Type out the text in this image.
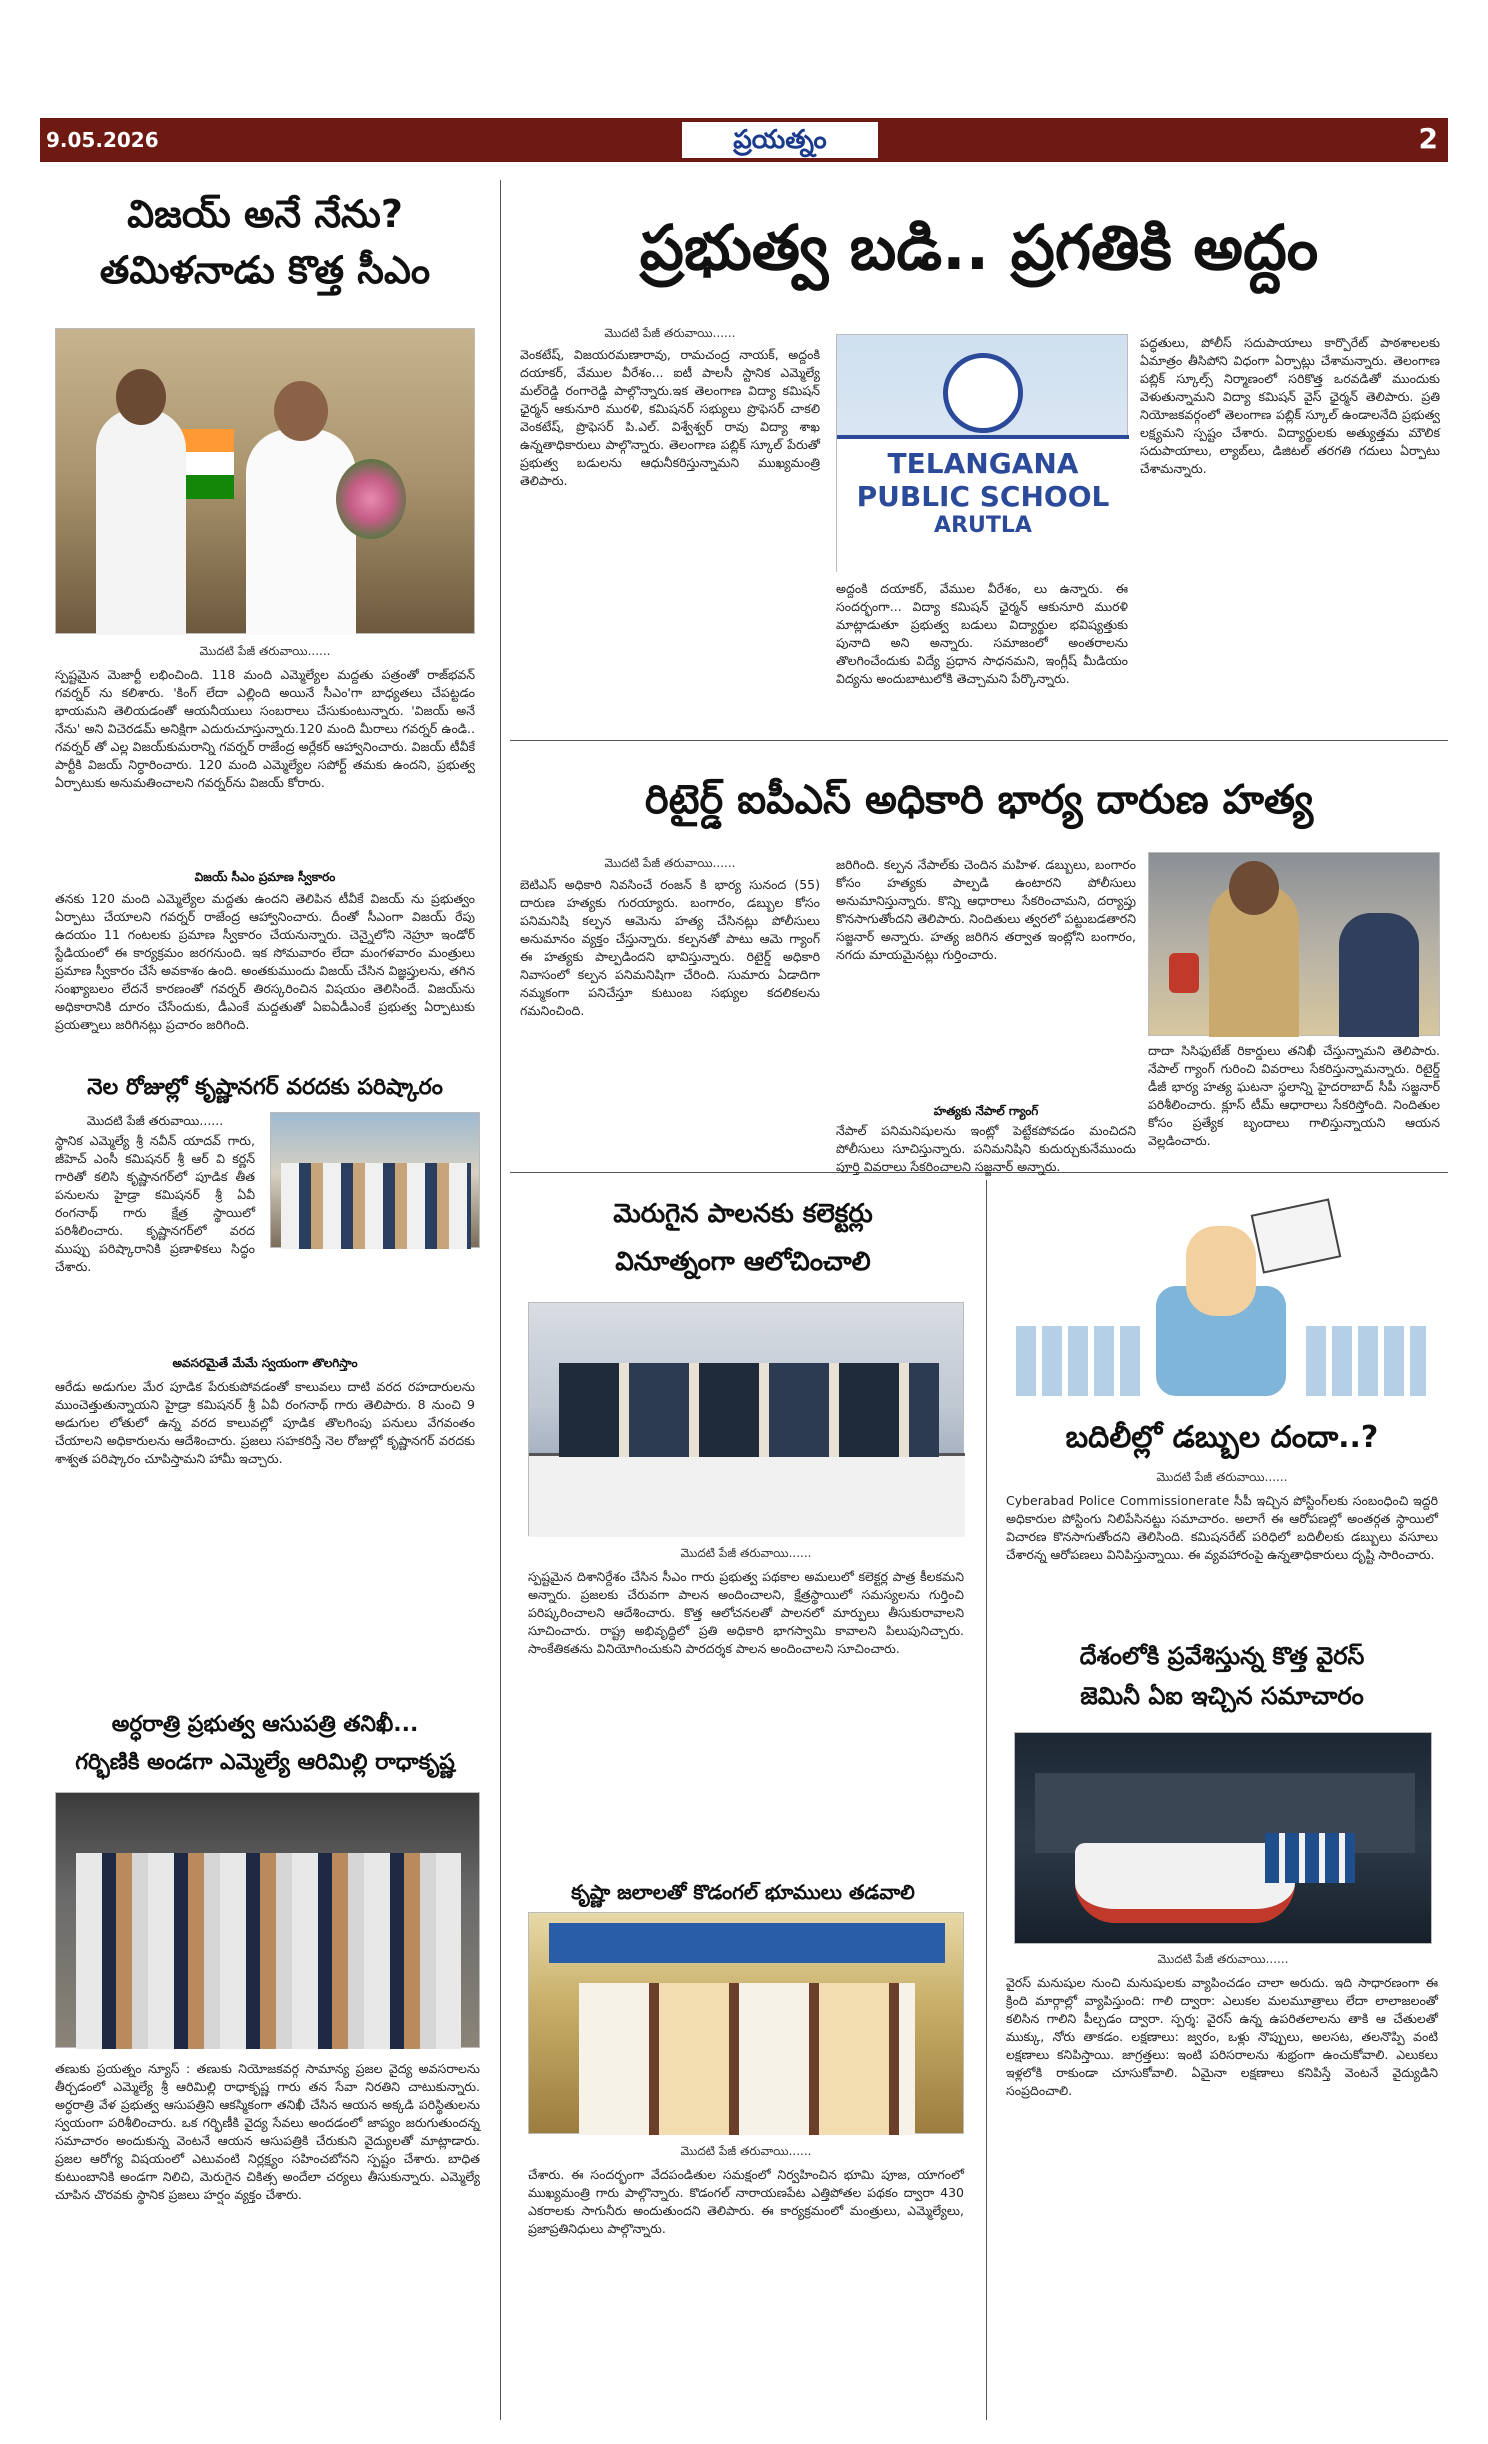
9.05.2026	ప్రయత్నం	2
విజయ్ అనే నేను?
తమిళనాడు కొత్త సీఎం
మొదటి పేజీ తరువాయి......
స్పష్టమైన మెజార్టీ లభించింది. 118 మంది ఎమ్మెల్యేల మద్దతు పత్రంతో రాజ్‌భవన్ గవర్నర్ ను కలిశారు. 'కింగ్ లేదా ఎల్లింది అయినే సీఎం'గా బాధ్యతలు చేపట్టడం భాయమని తెలియడంతో ఆయనీయులు సంబరాలు చేసుకుంటున్నారు. 'విజయ్ అనే నేను' అని విచెరడమ్ అనిక్షిగా ఎదురుచూస్తున్నారు.120 మంది మీరాలు గవర్నర్ ఉండి.. గవర్నర్ తో ఎల్ల విజయ్‌కుమరాన్ని గవర్నర్ రాజేంద్ర అర్లేకర్ ఆహ్వానించారు. విజయ్ టీవీకే పార్టీకి విజయ్ నిర్ధారించారు. 120 మంది ఎమ్మెల్యేల సపోర్ట్ తమకు ఉందని, ప్రభుత్వ ఏర్పాటుకు అనుమతించాలని గవర్నర్‌ను విజయ్ కోరారు.
విజయ్ సీఎం ప్రమాణ స్వీకారం
తనకు 120 మంది ఎమ్మెల్యేల మద్దతు ఉందని తెలిపిన టీవీకే విజయ్ ను ప్రభుత్వం ఏర్పాటు చేయాలని గవర్నర్ రాజేంద్ర ఆహ్వానించారు. దీంతో సీఎంగా విజయ్ రేపు ఉదయం 11 గంటలకు ప్రమాణ స్వీకారం చేయనున్నారు. చెన్నైలోని నెహ్రూ ఇండోర్ స్టేడియంలో ఈ కార్యక్రమం జరగనుంది. ఇక సోమవారం లేదా మంగళవారం మంత్రులు ప్రమాణ స్వీకారం చేసే అవకాశం ఉంది. అంతకుముందు విజయ్ చేసిన విజ్ఞప్తులను, తగిన సంఖ్యాబలం లేదనే కారణంతో గవర్నర్ తిరస్కరించిన విషయం తెలిసిందే. విజయ్‌ను అధికారానికి దూరం చేసేందుకు, డీఎంకే మద్దతుతో ఏఐఏడీఎంకే ప్రభుత్వ ఏర్పాటుకు ప్రయత్నాలు జరిగినట్లు ప్రచారం జరిగింది.
నెల రోజుల్లో కృష్ణానగర్ వరదకు పరిష్కారం
మొదటి పేజీ తరువాయి......
స్థానిక ఎమ్మెల్యే శ్రీ నవీన్ యాదవ్ గారు, జీహెచ్ ఎంసీ కమిషనర్ శ్రీ ఆర్ వి కర్ణన్ గారితో కలిసి కృష్ణానగర్‌లో పూడిక తీత పనులను హైడ్రా కమిషనర్ శ్రీ ఏవీ రంగనాథ్ గారు క్షేత్ర స్థాయిలో పరిశీలించారు. కృష్ణానగర్‌లో వరద ముప్పు పరిష్కారానికి ప్రణాళికలు సిద్ధం చేశారు.
అవసరమైతే మేమే స్వయంగా తొలగిస్తాం
ఆరేడు అడుగుల మేర పూడిక పేరుకుపోవడంతో కాలువలు దాటి వరద రహదారులను ముంచెత్తుతున్నాయని హైడ్రా కమిషనర్ శ్రీ ఏవీ రంగనాథ్ గారు తెలిపారు. 8 నుంచి 9 అడుగుల లోతులో ఉన్న వరద కాలువల్లో పూడిక తొలగింపు పనులు వేగవంతం చేయాలని అధికారులను ఆదేశించారు. ప్రజలు సహకరిస్తే నెల రోజుల్లో కృష్ణానగర్ వరదకు శాశ్వత పరిష్కారం చూపిస్తామని హామీ ఇచ్చారు.
అర్ధరాత్రి ప్రభుత్వ ఆసుపత్రి తనిఖీ...
గర్భిణికి అండగా ఎమ్మెల్యే ఆరిమిల్లి రాధాకృష్ణ
తణుకు ప్రయత్నం న్యూస్ : తణుకు నియోజకవర్గ సామాన్య ప్రజల వైద్య అవసరాలను తీర్చడంలో ఎమ్మెల్యే శ్రీ ఆరిమిల్లి రాధాకృష్ణ గారు తన సేవా నిరతిని చాటుకున్నారు. అర్ధరాత్రి వేళ ప్రభుత్వ ఆసుపత్రిని ఆకస్మికంగా తనిఖీ చేసిన ఆయన అక్కడి పరిస్థితులను స్వయంగా పరిశీలించారు. ఒక గర్భిణీకి వైద్య సేవలు అందడంలో జాప్యం జరుగుతుందన్న సమాచారం అందుకున్న వెంటనే ఆయన ఆసుపత్రికి చేరుకుని వైద్యులతో మాట్లాడారు. ప్రజల ఆరోగ్య విషయంలో ఎటువంటి నిర్లక్ష్యం సహించబోనని స్పష్టం చేశారు. బాధిత కుటుంబానికి అండగా నిలిచి, మెరుగైన చికిత్స అందేలా చర్యలు తీసుకున్నారు. ఎమ్మెల్యే చూపిన చొరవకు స్థానిక ప్రజలు హర్షం వ్యక్తం చేశారు.
ప్రభుత్వ బడి.. ప్రగతికి అద్దం
మొదటి పేజీ తరువాయి......
వెంకటేష్, విజయరమణారావు, రామచంద్ర నాయక్, అద్దంకి దయాకర్, వేముల వీరేశం... ఐటీ పాలసీ స్టానిక ఎమ్మెల్యే మల్‌రెడ్డి రంగారెడ్డి పాల్గొన్నారు.ఇక తెలంగాణ విద్యా కమిషన్ ఛైర్మన్ ఆకునూరి మురళి, కమిషనర్ సభ్యులు ప్రొఫెసర్ చాకలి వెంకటేష్, ప్రొఫెసర్ పి.ఎల్. విశ్వేశ్వర్ రావు విద్యా శాఖ ఉన్నతాధికారులు పాల్గొన్నారు. తెలంగాణ పబ్లిక్ స్కూల్ పేరుతో ప్రభుత్వ బడులను ఆధునీకరిస్తున్నామని ముఖ్యమంత్రి తెలిపారు.
TELANGANA
PUBLIC SCHOOL
ARUTLA
అద్దంకి దయాకర్, వేముల వీరేశం, లు ఉన్నారు. ఈ సందర్భంగా... విద్యా కమిషన్ ఛైర్మన్ ఆకునూరి మురళి మాట్లాడుతూ ప్రభుత్వ బడులు విద్యార్థుల భవిష్యత్తుకు పునాది అని అన్నారు. సమాజంలో అంతరాలను తొలగించేందుకు విద్యే ప్రధాన సాధనమని, ఇంగ్లీష్ మీడియం విద్యను అందుబాటులోకి తెచ్చామని పేర్కొన్నారు.
పద్ధతులు, పోలీస్ సదుపాయాలు కార్పొరేట్ పాఠశాలలకు ఏమాత్రం తీసిపోని విధంగా ఏర్పాట్లు చేశామన్నారు. తెలంగాణ పబ్లిక్ స్కూల్స్ నిర్మాణంలో సరికొత్త ఒరవడితో ముందుకు వెళుతున్నామని విద్యా కమిషన్ వైస్ ఛైర్మన్ తెలిపారు. ప్రతి నియోజకవర్గంలో తెలంగాణ పబ్లిక్ స్కూల్ ఉండాలనేది ప్రభుత్వ లక్ష్యమని స్పష్టం చేశారు. విద్యార్థులకు అత్యుత్తమ మౌలిక సదుపాయాలు, ల్యాబ్‌లు, డిజిటల్ తరగతి గదులు ఏర్పాటు చేశామన్నారు.
రిటైర్డ్ ఐపీఎస్ అధికారి భార్య దారుణ హత్య
మొదటి పేజీ తరువాయి......
బెటిఎస్ అధికారి నివసించే రంజన్ కి భార్య సునంద (55) దారుణ హత్యకు గురయ్యారు. బంగారం, డబ్బుల కోసం పనిమనిషి కల్పన ఆమెను హత్య చేసినట్లు పోలీసులు అనుమానం వ్యక్తం చేస్తున్నారు. కల్పనతో పాటు ఆమె గ్యాంగ్ ఈ హత్యకు పాల్పడిందని భావిస్తున్నారు. రిటైర్డ్ అధికారి నివాసంలో కల్పన పనిమనిషిగా చేరింది. సుమారు ఏడాదిగా నమ్మకంగా పనిచేస్తూ కుటుంబ సభ్యుల కదలికలను గమనించింది.
జరిగింది. కల్పన నేపాల్‌కు చెందిన మహిళ. డబ్బులు, బంగారం కోసం హత్యకు పాల్పడి ఉంటారని పోలీసులు అనుమానిస్తున్నారు. కొన్ని ఆధారాలు సేకరించామని, దర్యాప్తు కొనసాగుతోందని తెలిపారు. నిందితులు త్వరలో పట్టుబడతారని సజ్జనార్ అన్నారు. హత్య జరిగిన తర్వాత ఇంట్లోని బంగారం, నగదు మాయమైనట్లు గుర్తించారు.
హత్యకు నేపాల్ గ్యాంగ్
నేపాల్ పనిమనిషులను ఇంట్లో పెట్టేకపోవడం మంచిదని పోలీసులు సూచిస్తున్నారు. పనిమనిషిని కుదుర్చుకునేముందు పూర్తి వివరాలు సేకరించాలని సజ్జనార్ అన్నారు.
దాదా సిసిఫుటేజ్ రికార్డులు తనిఖీ చేస్తున్నామని తెలిపారు. నేపాల్ గ్యాంగ్ గురించి వివరాలు సేకరిస్తున్నామన్నారు. రిటైర్డ్ డీజీ భార్య హత్య ఘటనా స్థలాన్ని హైదరాబాద్ సీపీ సజ్జనార్ పరిశీలించారు. క్లూస్ టీమ్ ఆధారాలు సేకరిస్తోంది. నిందితుల కోసం ప్రత్యేక బృందాలు గాలిస్తున్నాయని ఆయన వెల్లడించారు.
మెరుగైన పాలనకు కలెక్టర్లు
వినూత్నంగా ఆలోచించాలి
మొదటి పేజీ తరువాయి......
స్పష్టమైన దిశానిర్దేశం చేసిన సీఎం గారు ప్రభుత్వ పథకాల అమలులో కలెక్టర్ల పాత్ర కీలకమని అన్నారు. ప్రజలకు చేరువగా పాలన అందించాలని, క్షేత్రస్థాయిలో సమస్యలను గుర్తించి పరిష్కరించాలని ఆదేశించారు. కొత్త ఆలోచనలతో పాలనలో మార్పులు తీసుకురావాలని సూచించారు. రాష్ట్ర అభివృద్ధిలో ప్రతి అధికారి భాగస్వామి కావాలని పిలుపునిచ్చారు. సాంకేతికతను వినియోగించుకుని పారదర్శక పాలన అందించాలని సూచించారు.
కృష్ణా జలాలతో కొడంగల్ భూములు తడవాలి
మొదటి పేజీ తరువాయి......
చేశారు. ఈ సందర్భంగా వేదపండితుల సమక్షంలో నిర్వహించిన భూమి పూజ, యాగంలో ముఖ్యమంత్రి గారు పాల్గొన్నారు. కొడంగల్ నారాయణపేట ఎత్తిపోతల పథకం ద్వారా 430 ఎకరాలకు సాగునీరు అందుతుందని తెలిపారు. ఈ కార్యక్రమంలో మంత్రులు, ఎమ్మెల్యేలు, ప్రజాప్రతినిధులు పాల్గొన్నారు.
బదిలీల్లో డబ్బుల దందా..?
మొదటి పేజీ తరువాయి......
Cyberabad Police Commissionerate సీపీ ఇచ్చిన పోస్టింగ్‌లకు సంబంధించి ఇద్దరి అధికారుల పోస్టింగు నిలిపేసినట్టు సమాచారం. అలాగే ఈ ఆరోపణల్లో అంతర్గత స్థాయిలో విచారణ కొనసాగుతోందని తెలిసింది. కమిషనరేట్ పరిధిలో బదిలీలకు డబ్బులు వసూలు చేశారన్న ఆరోపణలు వినిపిస్తున్నాయి. ఈ వ్యవహారంపై ఉన్నతాధికారులు దృష్టి సారించారు.
దేశంలోకి ప్రవేశిస్తున్న కొత్త వైరస్
జెమినీ ఏఐ ఇచ్చిన సమాచారం
మొదటి పేజీ తరువాయి......
వైరస్ మనుషుల నుంచి మనుషులకు వ్యాపించడం చాలా అరుదు. ఇది సాధారణంగా ఈ క్రింది మార్గాల్లో వ్యాపిస్తుంది: గాలి ద్వారా: ఎలుకల మలమూత్రాలు లేదా లాలాజలంతో కలిసిన గాలిని పీల్చడం ద్వారా. స్పర్శ: వైరస్ ఉన్న ఉపరితలాలను తాకి ఆ చేతులతో ముక్కు, నోరు తాకడం. లక్షణాలు: జ్వరం, ఒళ్లు నొప్పులు, అలసట, తలనొప్పి వంటి లక్షణాలు కనిపిస్తాయి. జాగ్రత్తలు: ఇంటి పరిసరాలను శుభ్రంగా ఉంచుకోవాలి. ఎలుకలు ఇళ్లలోకి రాకుండా చూసుకోవాలి. ఏమైనా లక్షణాలు కనిపిస్తే వెంటనే వైద్యుడిని సంప్రదించాలి.
